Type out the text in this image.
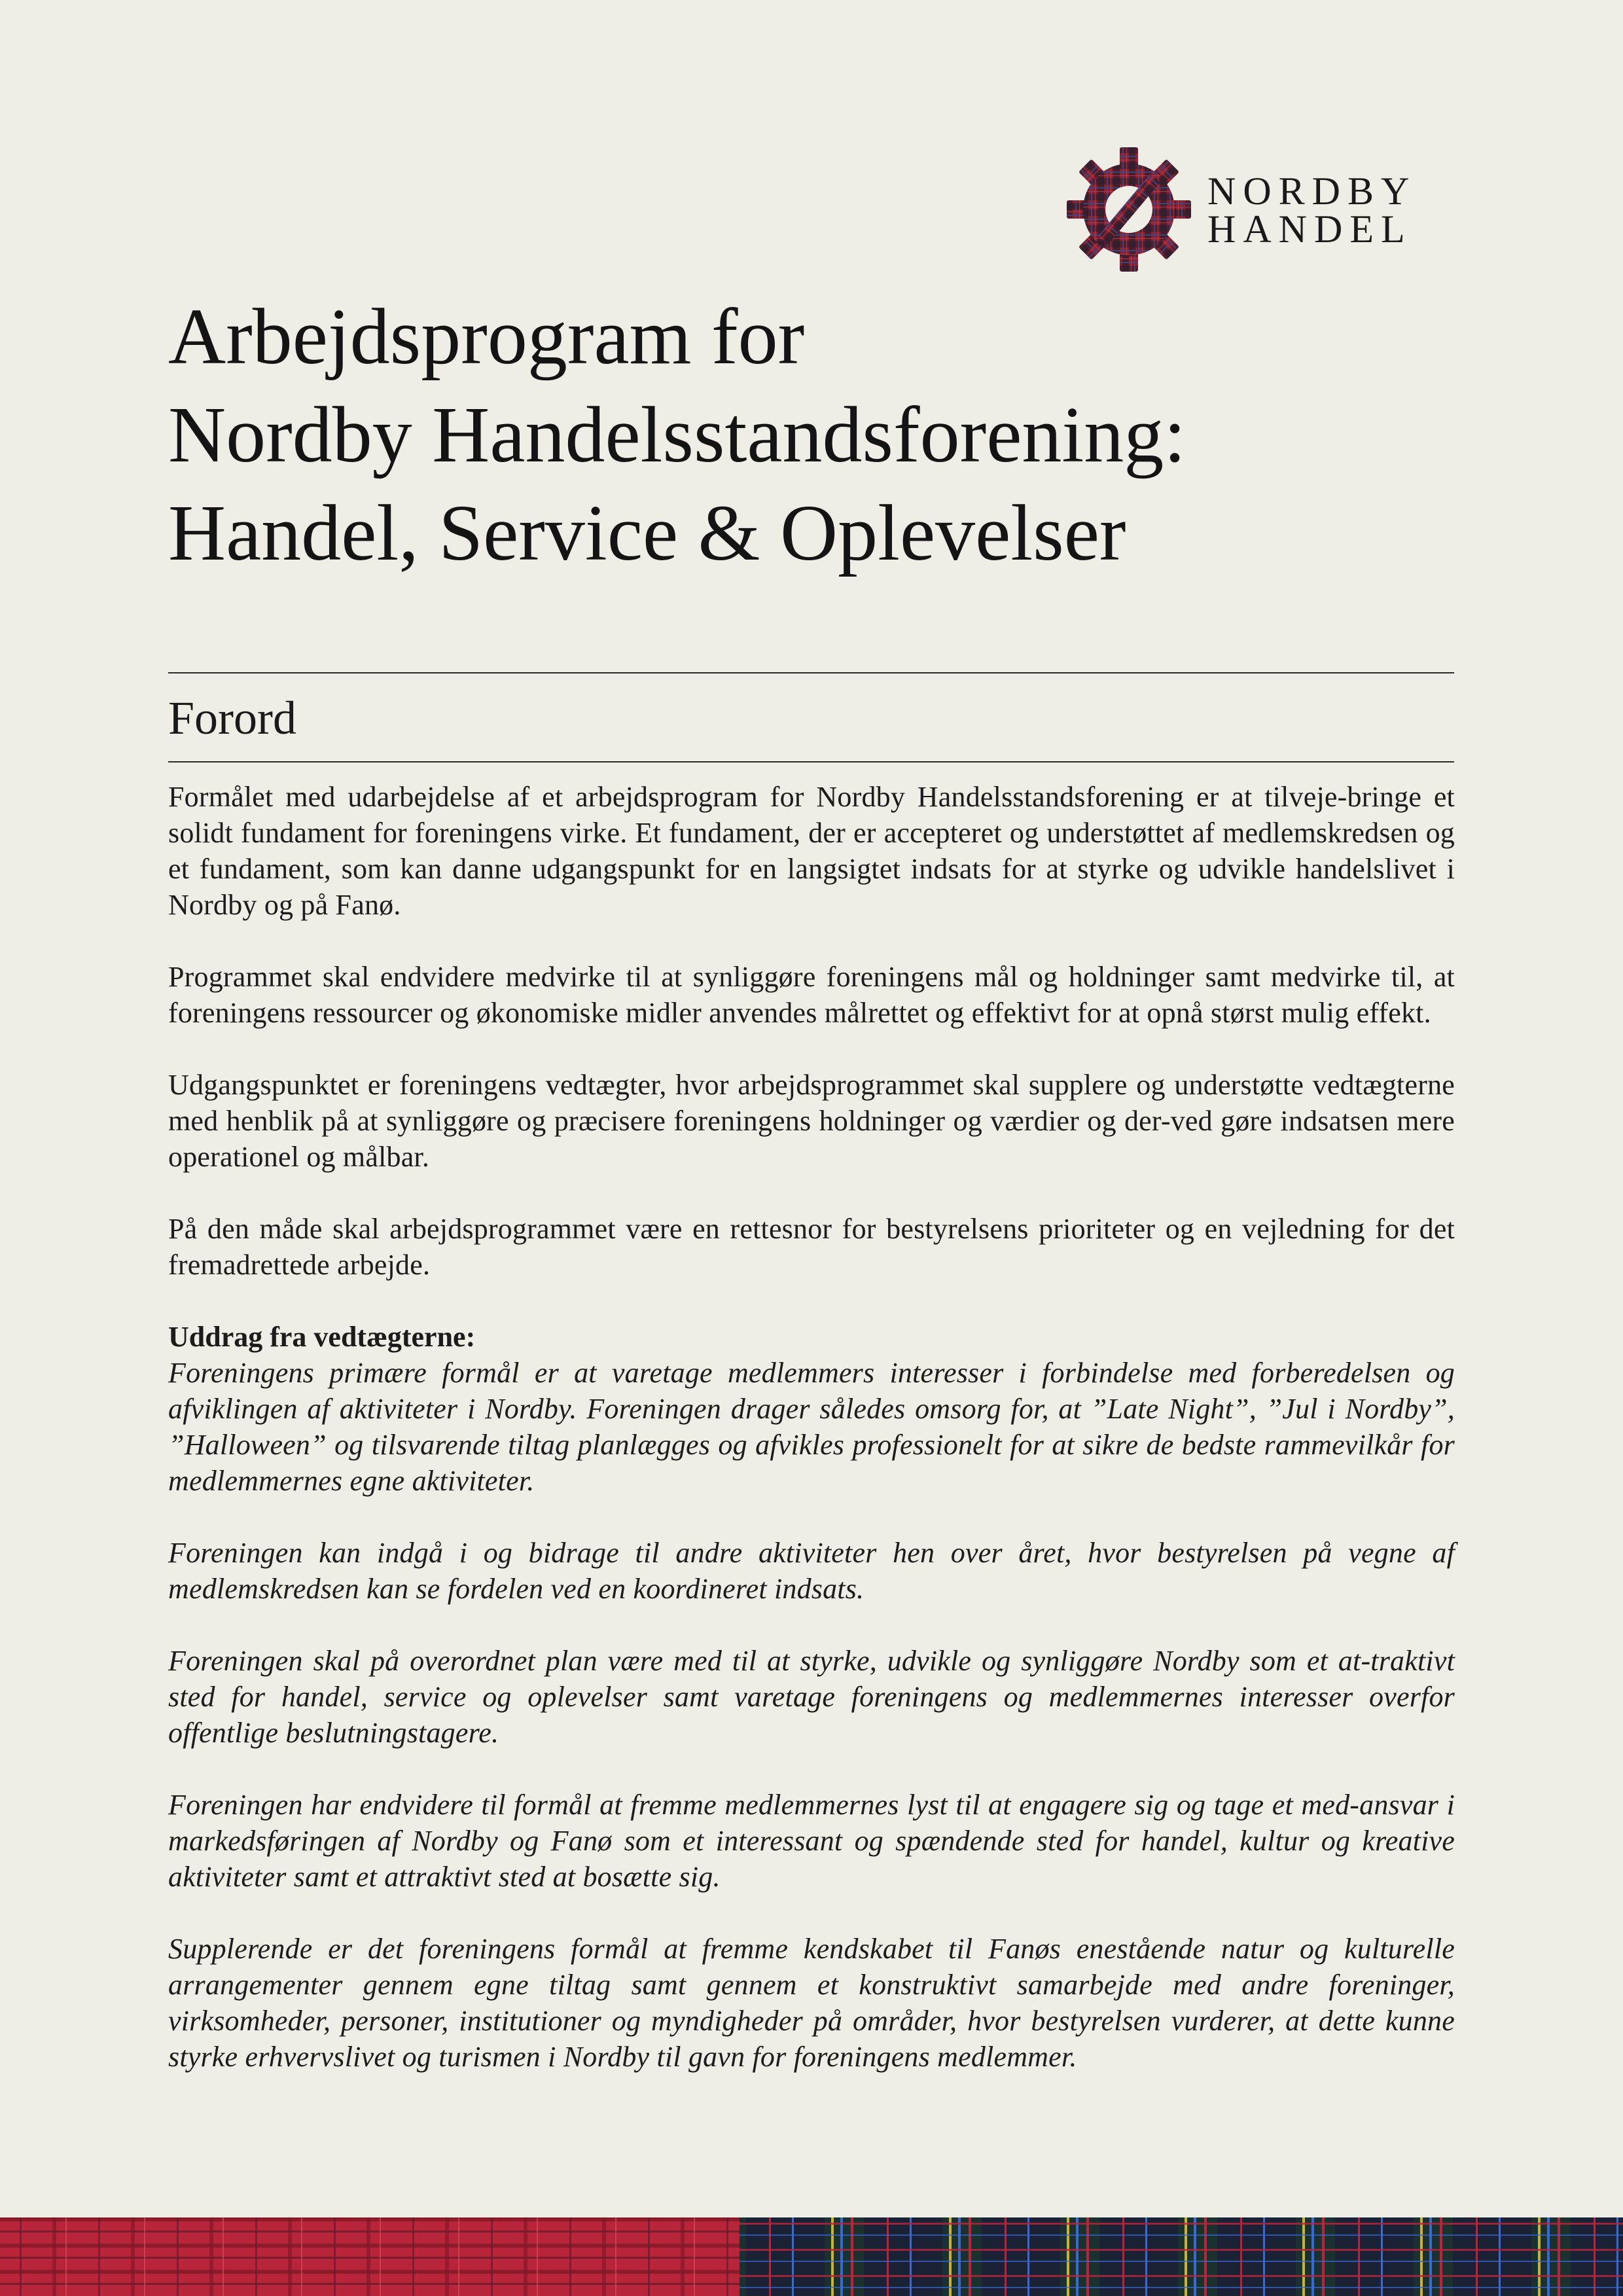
NORDBY
HANDEL
Arbejdsprogram for
Nordby Handelsstandsforening:
Handel, Service & Oplevelser
Forord

Formålet med udarbejdelse af et arbejdsprogram for Nordby Handelsstandsforening er at tilveje-bringe et solidt fundament for foreningens virke. Et fundament, der er accepteret og understøttet af medlemskredsen og et fundament, som kan danne udgangspunkt for en langsigtet indsats for at styrke og udvikle handelslivet i Nordby og på Fanø.

Programmet skal endvidere medvirke til at synliggøre foreningens mål og holdninger samt medvirke til, at foreningens ressourcer og økonomiske midler anvendes målrettet og effektivt for at opnå størst mulig effekt.

Udgangspunktet er foreningens vedtægter, hvor arbejdsprogrammet skal supplere og understøtte vedtægterne med henblik på at synliggøre og præcisere foreningens holdninger og værdier og der-ved gøre indsatsen mere operationel og målbar.

På den måde skal arbejdsprogrammet være en rettesnor for bestyrelsens prioriteter og en vejledning for det fremadrettede arbejde.

Uddrag fra vedtægterne:

Foreningens primære formål er at varetage medlemmers interesser i forbindelse med forberedelsen og afviklingen af aktiviteter i Nordby. Foreningen drager således omsorg for, at ”Late Night”, ”Jul i Nordby”, ”Halloween” og tilsvarende tiltag planlægges og afvikles professionelt for at sikre de bedste rammevilkår for medlemmernes egne aktiviteter.

Foreningen kan indgå i og bidrage til andre aktiviteter hen over året, hvor bestyrelsen på vegne af medlemskredsen kan se fordelen ved en koordineret indsats.

Foreningen skal på overordnet plan være med til at styrke, udvikle og synliggøre Nordby som et at-traktivt sted for handel, service og oplevelser samt varetage foreningens og medlemmernes interesser overfor offentlige beslutningstagere.

Foreningen har endvidere til formål at fremme medlemmernes lyst til at engagere sig og tage et med-ansvar i markedsføringen af Nordby og Fanø som et interessant og spændende sted for handel, kultur og kreative aktiviteter samt et attraktivt sted at bosætte sig.

Supplerende er det foreningens formål at fremme kendskabet til Fanøs enestående natur og kulturelle arrangementer gennem egne tiltag samt gennem et konstruktivt samarbejde med andre foreninger, virksomheder, personer, institutioner og myndigheder på områder, hvor bestyrelsen vurderer, at dette kunne styrke erhvervslivet og turismen i Nordby til gavn for foreningens medlemmer.
